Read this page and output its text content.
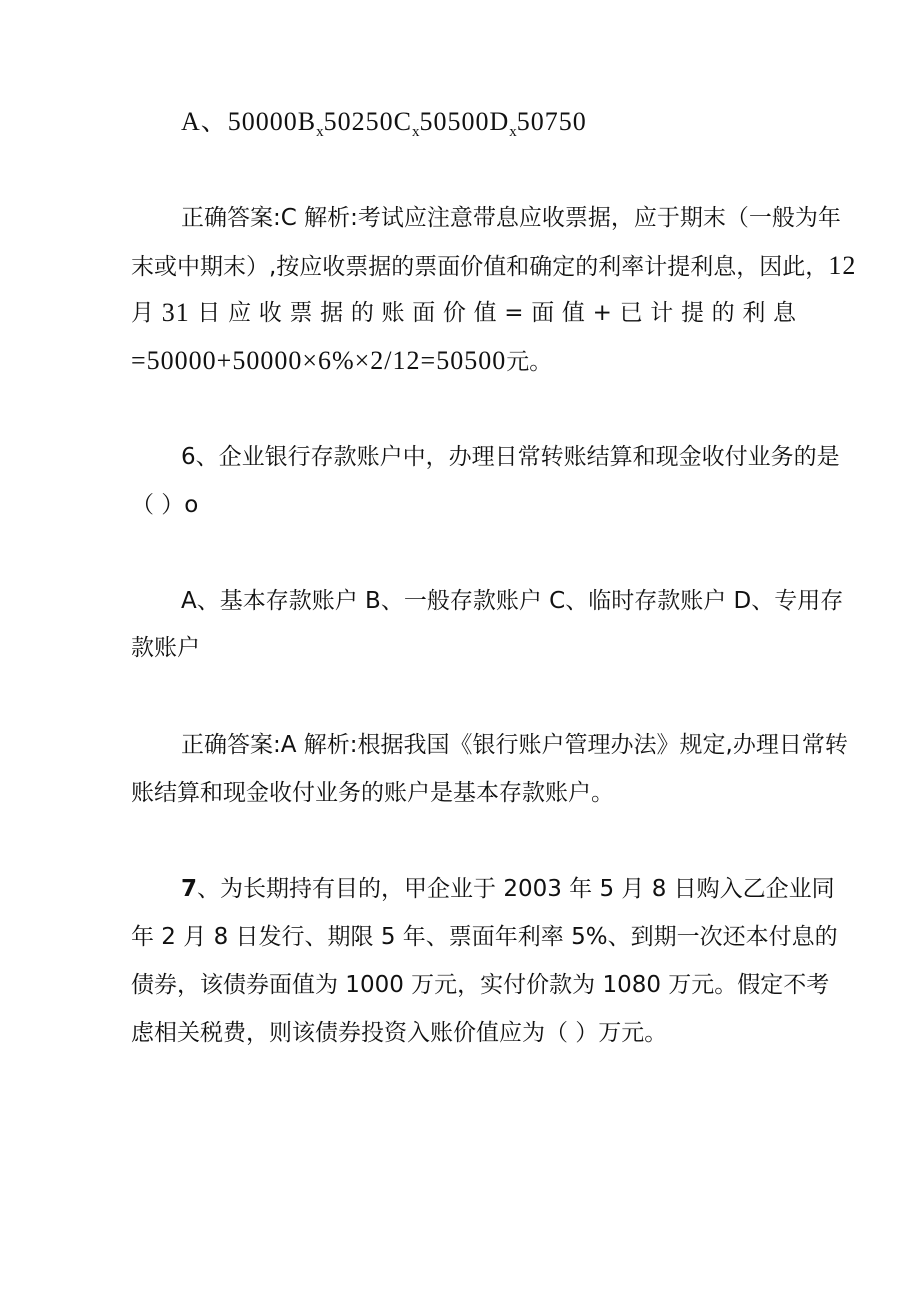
A、$50000B_x50250C_x50500D_x50750$
正确答案:C 解析:考试应注意带息应收票据，应于期末（一般为年
末或中期末）,按应收票据的票面价值和确定的利率计提利息，因此，12
月 31 日 应 收 票 据 的 账 面 价 值 = 面 值 + 已 计 提 的 利 息
=50000+50000×6%×2/12=50500元。
6、企业银行存款账户中，办理日常转账结算和现金收付业务的是
（ ）o
A、基本存款账户 B、一般存款账户 C、临时存款账户 D、专用存
款账户
正确答案:A 解析:根据我国《银行账户管理办法》规定,办理日常转
账结算和现金收付业务的账户是基本存款账户。
7、为长期持有目的，甲企业于 2003 年 5 月 8 日购入乙企业同
年 2 月 8 日发行、期限 5 年、票面年利率 5%、到期一次还本付息的
债券，该债券面值为 1000 万元，实付价款为 1080 万元。假定不考
虑相关税费，则该债券投资入账价值应为（ ）万元。
